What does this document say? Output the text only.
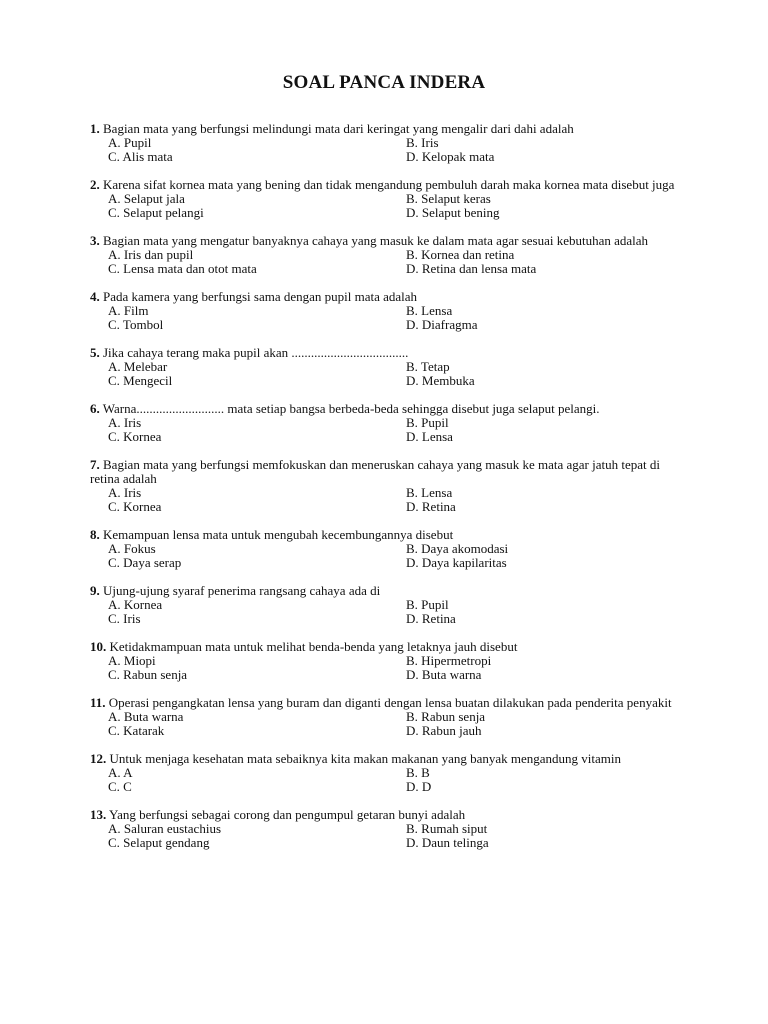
SOAL PANCA INDERA
1. Bagian mata yang berfungsi melindungi mata dari keringat yang mengalir dari dahi adalah
A. Pupil	B. Iris
C. Alis mata	D. Kelopak mata
2. Karena sifat kornea mata yang bening dan tidak mengandung pembuluh darah maka kornea mata disebut juga
A. Selaput jala	B. Selaput keras
C. Selaput pelangi	D. Selaput bening
3. Bagian mata yang mengatur banyaknya cahaya yang masuk ke dalam mata agar sesuai kebutuhan adalah
A. Iris dan pupil	B. Kornea dan retina
C. Lensa mata dan otot mata	D. Retina dan lensa mata
4. Pada kamera yang berfungsi sama dengan pupil mata adalah
A. Film	B. Lensa
C. Tombol	D. Diafragma
5. Jika cahaya terang maka pupil akan ....................................
A. Melebar	B. Tetap
C. Mengecil	D. Membuka
6. Warna........................... mata setiap bangsa berbeda-beda sehingga disebut juga selaput pelangi.
A. Iris	B. Pupil
C. Kornea	D. Lensa
7. Bagian mata yang berfungsi memfokuskan dan meneruskan cahaya yang masuk ke mata agar jatuh tepat di retina adalah
A. Iris	B. Lensa
C. Kornea	D. Retina
8. Kemampuan lensa mata untuk mengubah kecembungannya disebut
A. Fokus	B. Daya akomodasi
C. Daya serap	D. Daya kapilaritas
9. Ujung-ujung syaraf penerima rangsang cahaya ada di
A. Kornea	B. Pupil
C. Iris	D. Retina
10. Ketidakmampuan mata untuk melihat benda-benda yang letaknya jauh disebut
A. Miopi	B. Hipermetropi
C. Rabun senja	D. Buta warna
11. Operasi pengangkatan lensa yang buram dan diganti dengan lensa buatan dilakukan pada penderita penyakit
A. Buta warna	B. Rabun senja
C. Katarak	D. Rabun jauh
12. Untuk menjaga kesehatan mata sebaiknya kita makan makanan yang banyak mengandung vitamin
A. A	B. B
C. C	D. D
13. Yang berfungsi sebagai corong dan pengumpul getaran bunyi adalah
A. Saluran eustachius	B. Rumah siput
C. Selaput gendang	D. Daun telinga
